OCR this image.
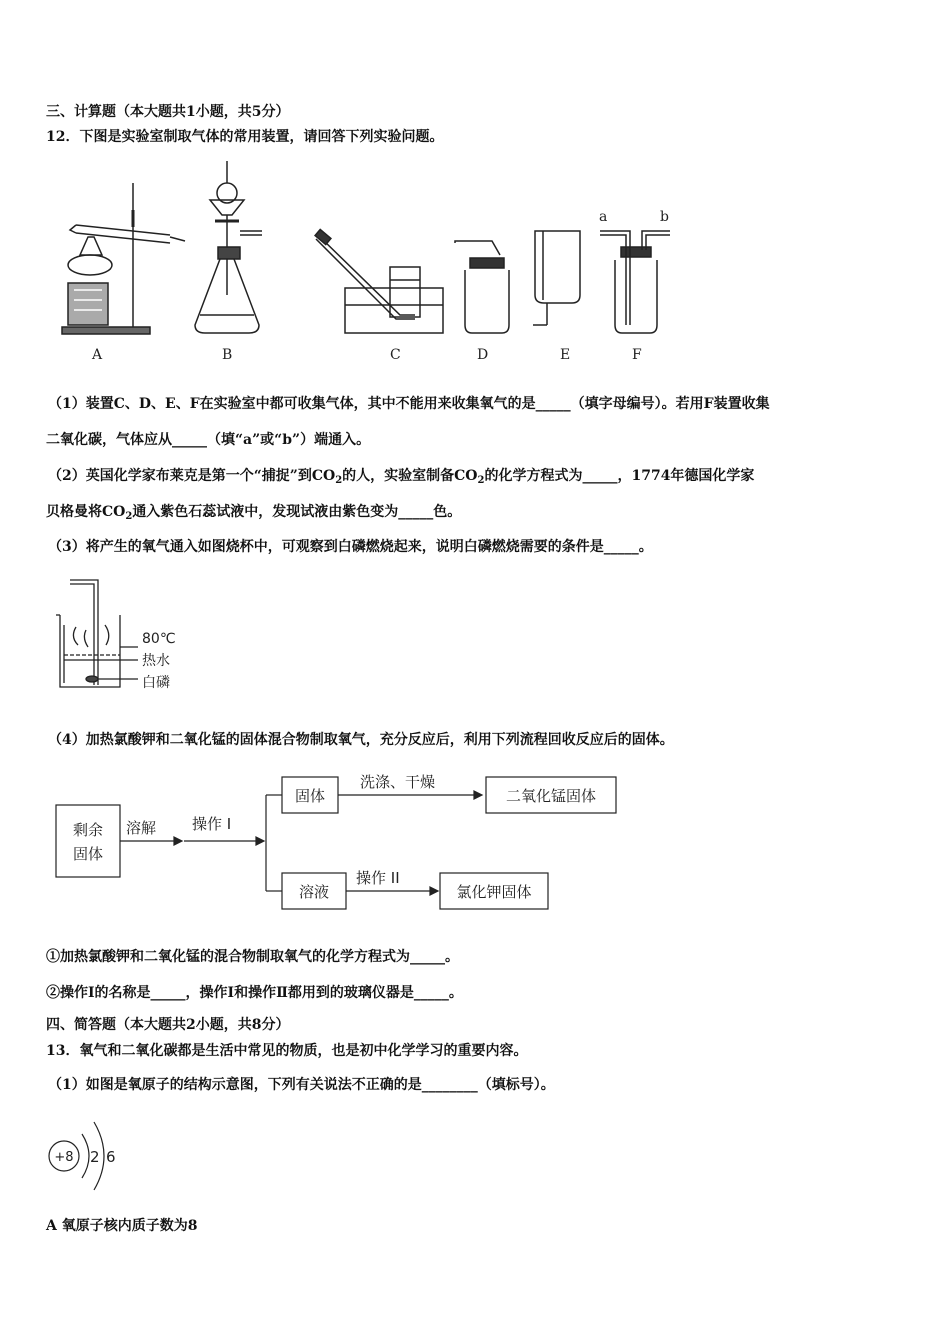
三、计算题（本大题共1小题，共5分）
12．下图是实验室制取气体的常用装置，请回答下列实验问题。
A	B	C	D	E
a	b
F
（1）装置C、D、E、F在实验室中都可收集气体，其中不能用来收集氧气的是_____（填字母编号）。若用F装置收集
二氧化碳，气体应从_____（填“a”或“b”）端通入。
（2）英国化学家布莱克是第一个“捕捉”到$CO_2$的人，实验室制备$CO_2$的化学方程式为_____，1774年德国化学家
贝格曼将$CO_2$通入紫色石蕊试液中，发现试液由紫色变为_____色。
（3）将产生的氧气通入如图烧杯中，可观察到白磷燃烧起来，说明白磷燃烧需要的条件是_____。
80℃
热水
白磷
（4）加热氯酸钾和二氧化锰的固体混合物制取氧气，充分反应后，利用下列流程回收反应后的固体。
剩余
固体
溶解 操作 I
固体
洗涤、干燥
二氧化锰固体
溶液
操作 II
氯化钾固体
①加热氯酸钾和二氧化锰的混合物制取氧气的化学方程式为_____。
②操作Ⅰ的名称是_____，操作Ⅰ和操作Ⅱ都用到的玻璃仪器是_____。
四、简答题（本大题共2小题，共8分）
13．氧气和二氧化碳都是生活中常见的物质，也是初中化学学习的重要内容。
（1）如图是氧原子的结构示意图，下列有关说法不正确的是________（填标号）。
+8 2 6
A 氧原子核内质子数为8
